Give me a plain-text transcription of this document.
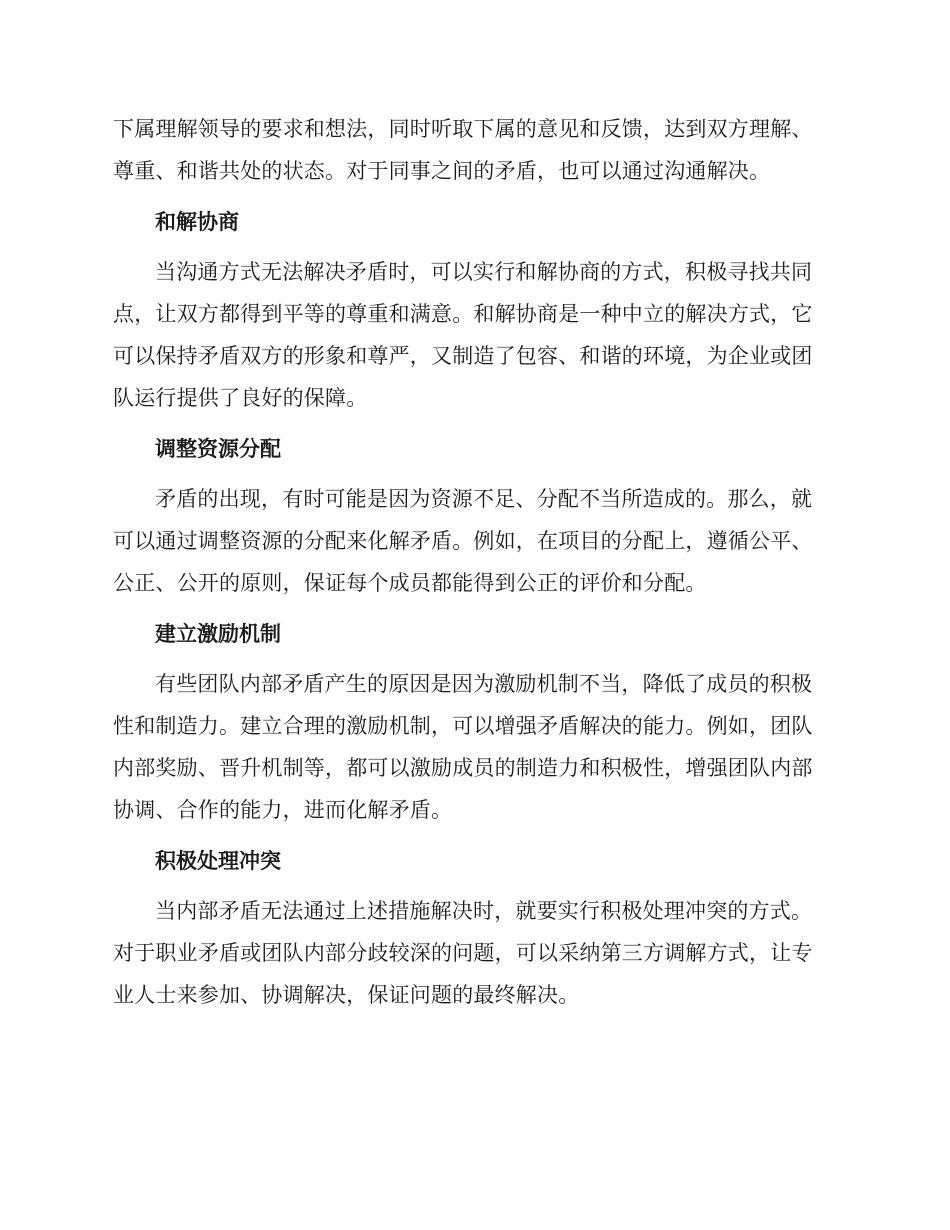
下属理解领导的要求和想法，同时听取下属的意见和反馈，达到双方理解、尊重、和谐共处的状态。对于同事之间的矛盾，也可以通过沟通解决。

和解协商

当沟通方式无法解决矛盾时，可以实行和解协商的方式，积极寻找共同点，让双方都得到平等的尊重和满意。和解协商是一种中立的解决方式，它可以保持矛盾双方的形象和尊严，又制造了包容、和谐的环境，为企业或团队运行提供了良好的保障。

调整资源分配

矛盾的出现，有时可能是因为资源不足、分配不当所造成的。那么，就可以通过调整资源的分配来化解矛盾。例如，在项目的分配上，遵循公平、公正、公开的原则，保证每个成员都能得到公正的评价和分配。

建立激励机制

有些团队内部矛盾产生的原因是因为激励机制不当，降低了成员的积极性和制造力。建立合理的激励机制，可以增强矛盾解决的能力。例如，团队内部奖励、晋升机制等，都可以激励成员的制造力和积极性，增强团队内部协调、合作的能力，进而化解矛盾。

积极处理冲突

当内部矛盾无法通过上述措施解决时，就要实行积极处理冲突的方式。对于职业矛盾或团队内部分歧较深的问题，可以采纳第三方调解方式，让专业人士来参加、协调解决，保证问题的最终解决。
